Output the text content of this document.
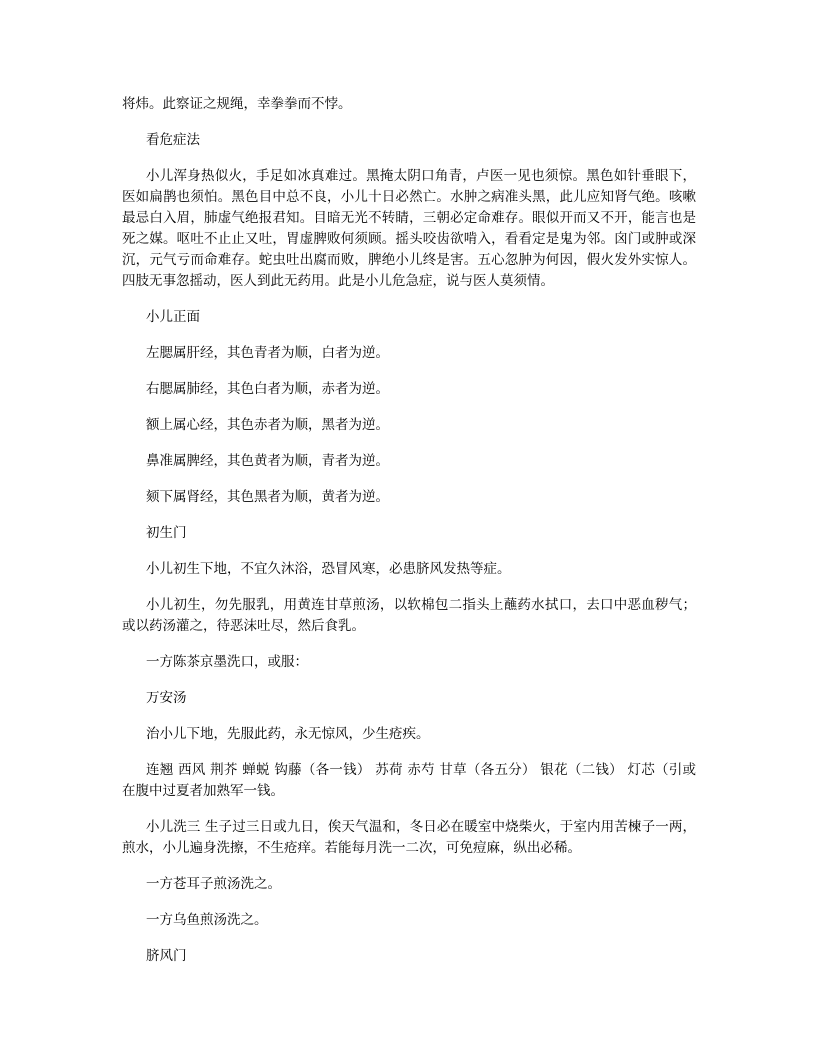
将炜。此察证之规绳，幸拳拳而不悖。

看危症法

小儿浑身热似火，手足如冰真难过。黑掩太阴口角青，卢医一见也须惊。黑色如针垂眼下，医如扁鹊也须怕。黑色目中总不良，小儿十日必然亡。水肿之病准头黑，此儿应知肾气绝。咳嗽最忌白入眉，肺虚气绝报君知。目暗无光不转睛，三朝必定命难存。眼似开而又不开，能言也是死之媒。呕吐不止止又吐，胃虚脾败何须顾。摇头咬齿欲啃入，看看定是鬼为邻。囟门或肿或深沉，元气亏而命难存。蛇虫吐出腐而败，脾绝小儿终是害。五心忽肿为何因，假火发外实惊人。四肢无事忽摇动，医人到此无药用。此是小儿危急症，说与医人莫须情。

小儿正面

左腮属肝经，其色青者为顺，白者为逆。

右腮属肺经，其色白者为顺，赤者为逆。

额上属心经，其色赤者为顺，黑者为逆。

鼻准属脾经，其色黄者为顺，青者为逆。

颏下属肾经，其色黑者为顺，黄者为逆。

初生门

小儿初生下地，不宜久沐浴，恐冒风寒，必患脐风发热等症。

小儿初生，勿先服乳，用黄连甘草煎汤，以软棉包二指头上蘸药水拭口，去口中恶血秽气；或以药汤灌之，待恶沫吐尽，然后食乳。

一方陈茶京墨洗口，或服：

万安汤

治小儿下地，先服此药，永无惊风，少生疮疾。

连翘 西风 荆芥 蝉蜕 钩藤（各一钱） 苏荷 赤芍 甘草（各五分） 银花（二钱） 灯芯（引或在腹中过夏者加熟军一钱。

小儿洗三 生子过三日或九日，俟天气温和，冬日必在暖室中烧柴火，于室内用苦楝子一两，煎水，小儿遍身洗擦，不生疮痒。若能每月洗一二次，可免痘麻，纵出必稀。

一方苍耳子煎汤洗之。

一方乌鱼煎汤洗之。

脐风门
